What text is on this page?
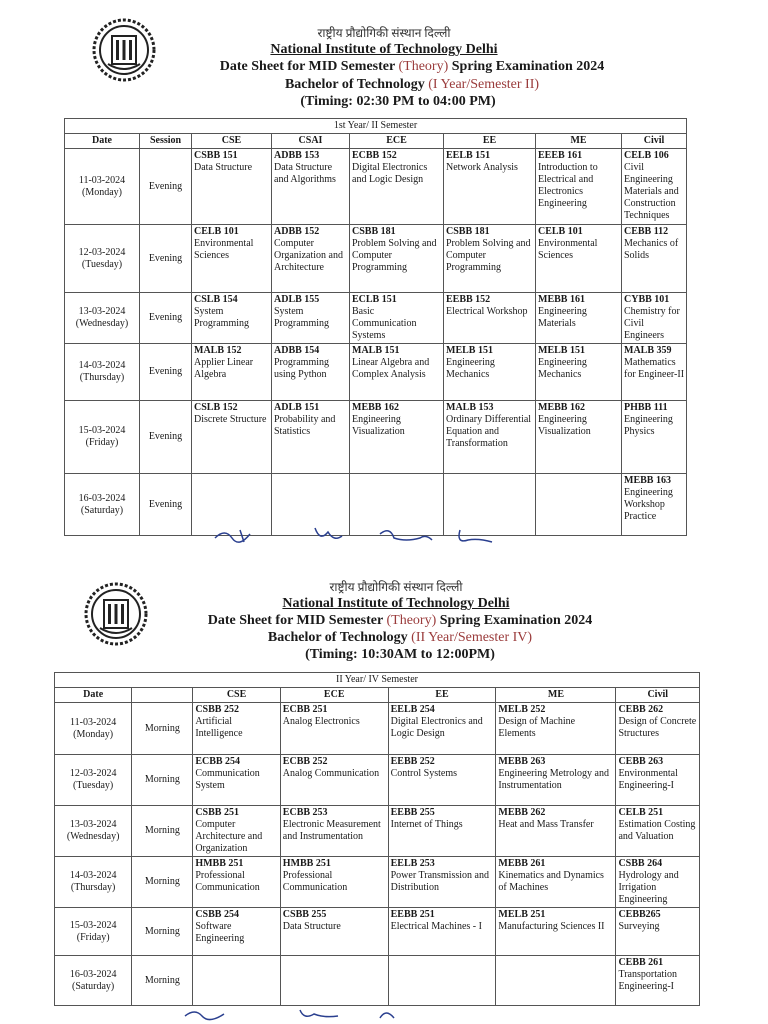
राष्ट्रीय प्रौद्योगिकी संस्थान दिल्ली
National Institute of Technology Delhi
Date Sheet for MID Semester (Theory) Spring Examination 2024
Bachelor of Technology (I Year/Semester II)
(Timing: 02:30 PM to 04:00 PM)
1st Year/ II Semester							
Date	Session	CSE	CSAI	ECE	EE	ME	Civil

11-03-2024
(Monday)	Evening	CSBB 151
Data Structure	ADBB 153
Data Structure and Algorithms	ECBB 152
Digital Electronics and Logic Design	EELB 151
Network Analysis	EEEB 161
Introduction to Electrical and Electronics Engineering	CELB 106
Civil Engineering Materials and Construction Techniques

12-03-2024
(Tuesday)	Evening	CELB 101
Environmental Sciences	ADBB 152
Computer Organization and Architecture	CSBB 181
Problem Solving and Computer Programming	CSBB 181
Problem Solving and Computer Programming	CELB 101
Environmental Sciences	CEBB 112
Mechanics of Solids

13-03-2024
(Wednesday)	Evening	CSLB 154
System Programming	ADLB 155
System Programming	ECLB 151
Basic Communication Systems	EEBB 152
Electrical Workshop	MEBB 161
Engineering Materials	CYBB 101
Chemistry for Civil Engineers

14-03-2024
(Thursday)	Evening	MALB 152
Applier Linear Algebra	ADBB 154
Programming using Python	MALB 151
Linear Algebra and Complex Analysis	MELB 151
Engineering Mechanics	MELB 151
Engineering Mechanics	MALB 359
Mathematics for Engineer-II

15-03-2024
(Friday)	Evening	CSLB 152
Discrete Structure	ADLB 151
Probability and Statistics	MEBB 162
Engineering Visualization	MALB 153
Ordinary Differential Equation and Transformation	MEBB 162
Engineering Visualization	PHBB 111
Engineering Physics

16-03-2024
(Saturday)	Evening						MEBB 163
Engineering Workshop Practice
राष्ट्रीय प्रौद्योगिकी संस्थान दिल्ली
National Institute of Technology Delhi
Date Sheet for MID Semester (Theory) Spring Examination 2024
Bachelor of Technology (II Year/Semester IV)
(Timing: 10:30AM to 12:00PM)
II Year/ IV Semester						
Date		CSE	ECE	EE	ME	Civil

11-03-2024
(Monday)	Morning	CSBB 252
Artificial Intelligence	ECBB 251
Analog Electronics	EELB 254
Digital Electronics and Logic Design	MELB 252
Design of Machine Elements	CEBB 262
Design of Concrete Structures

12-03-2024
(Tuesday)	Morning	ECBB 254
Communication System	ECBB 252
Analog Communication	EEBB 252
Control Systems	MEBB 263
Engineering Metrology and Instrumentation	CEBB 263
Environmental Engineering-I

13-03-2024
(Wednesday)	Morning	CSBB 251
Computer Architecture and Organization	ECBB 253
Electronic Measurement and Instrumentation	EEBB 255
Internet of Things	MEBB 262
Heat and Mass Transfer	CELB 251
Estimation Costing and Valuation

14-03-2024
(Thursday)	Morning	HMBB 251
Professional Communication	HMBB 251
Professional Communication	EELB 253
Power Transmission and Distribution	MEBB 261
Kinematics and Dynamics of Machines	CSBB 264
Hydrology and Irrigation Engineering

15-03-2024
(Friday)	Morning	CSBB 254
Software Engineering	CSBB 255
Data Structure	EEBB 251
Electrical Machines - I	MELB 251
Manufacturing Sciences II	CEBB265
Surveying

16-03-2024
(Saturday)	Morning					CEBB 261
Transportation Engineering-I
